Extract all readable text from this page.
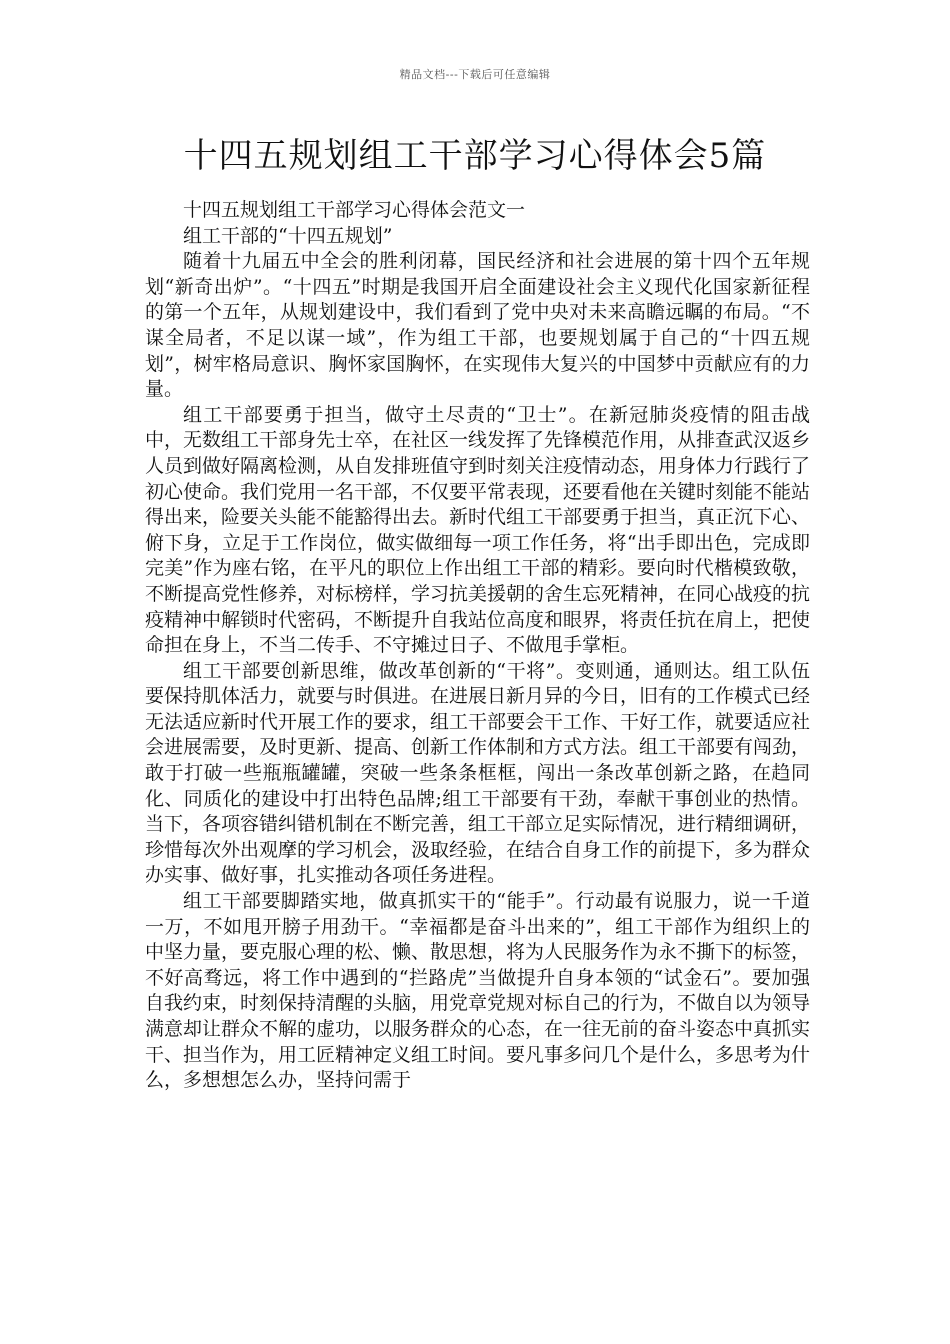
精品文档---下载后可任意编辑
十四五规划组工干部学习心得体会5篇

十四五规划组工干部学习心得体会范文一

组工干部的“十四五规划”

随着十九届五中全会的胜利闭幕，国民经济和社会进展的第十四个五年规划“新奇出炉”。“十四五”时期是我国开启全面建设社会主义现代化国家新征程的第一个五年，从规划建设中，我们看到了党中央对未来高瞻远瞩的布局。“不谋全局者，不足以谋一域”，作为组工干部，也要规划属于自己的“十四五规划”，树牢格局意识、胸怀家国胸怀，在实现伟大复兴的中国梦中贡献应有的力量。

组工干部要勇于担当，做守土尽责的“卫士”。在新冠肺炎疫情的阻击战中，无数组工干部身先士卒，在社区一线发挥了先锋模范作用，从排查武汉返乡人员到做好隔离检测，从自发排班值守到时刻关注疫情动态，用身体力行践行了初心使命。我们党用一名干部，不仅要平常表现，还要看他在关键时刻能不能站得出来，险要关头能不能豁得出去。新时代组工干部要勇于担当，真正沉下心、俯下身，立足于工作岗位，做实做细每一项工作任务，将“出手即出色，完成即完美”作为座右铭，在平凡的职位上作出组工干部的精彩。要向时代楷模致敬，不断提高党性修养，对标榜样，学习抗美援朝的舍生忘死精神，在同心战疫的抗疫精神中解锁时代密码，不断提升自我站位高度和眼界，将责任抗在肩上，把使命担在身上，不当二传手、不守摊过日子、不做甩手掌柜。

组工干部要创新思维，做改革创新的“干将”。变则通，通则达。组工队伍要保持肌体活力，就要与时俱进。在进展日新月异的今日，旧有的工作模式已经无法适应新时代开展工作的要求，组工干部要会干工作、干好工作，就要适应社会进展需要，及时更新、提高、创新工作体制和方式方法。组工干部要有闯劲，敢于打破一些瓶瓶罐罐，突破一些条条框框，闯出一条改革创新之路，在趋同化、同质化的建设中打出特色品牌;组工干部要有干劲，奉献干事创业的热情。当下，各项容错纠错机制在不断完善，组工干部立足实际情况，进行精细调研，珍惜每次外出观摩的学习机会，汲取经验，在结合自身工作的前提下，多为群众办实事、做好事，扎实推动各项任务进程。

组工干部要脚踏实地，做真抓实干的“能手”。行动最有说服力，说一千道一万，不如甩开膀子用劲干。“幸福都是奋斗出来的”，组工干部作为组织上的中坚力量，要克服心理的松、懒、散思想，将为人民服务作为永不撕下的标签，不好高骛远，将工作中遇到的“拦路虎”当做提升自身本领的“试金石”。要加强自我约束，时刻保持清醒的头脑，用党章党规对标自己的行为，不做自以为领导满意却让群众不解的虚功，以服务群众的心态，在一往无前的奋斗姿态中真抓实干、担当作为，用工匠精神定义组工时间。要凡事多问几个是什么，多思考为什么，多想想怎么办，坚持问需于
